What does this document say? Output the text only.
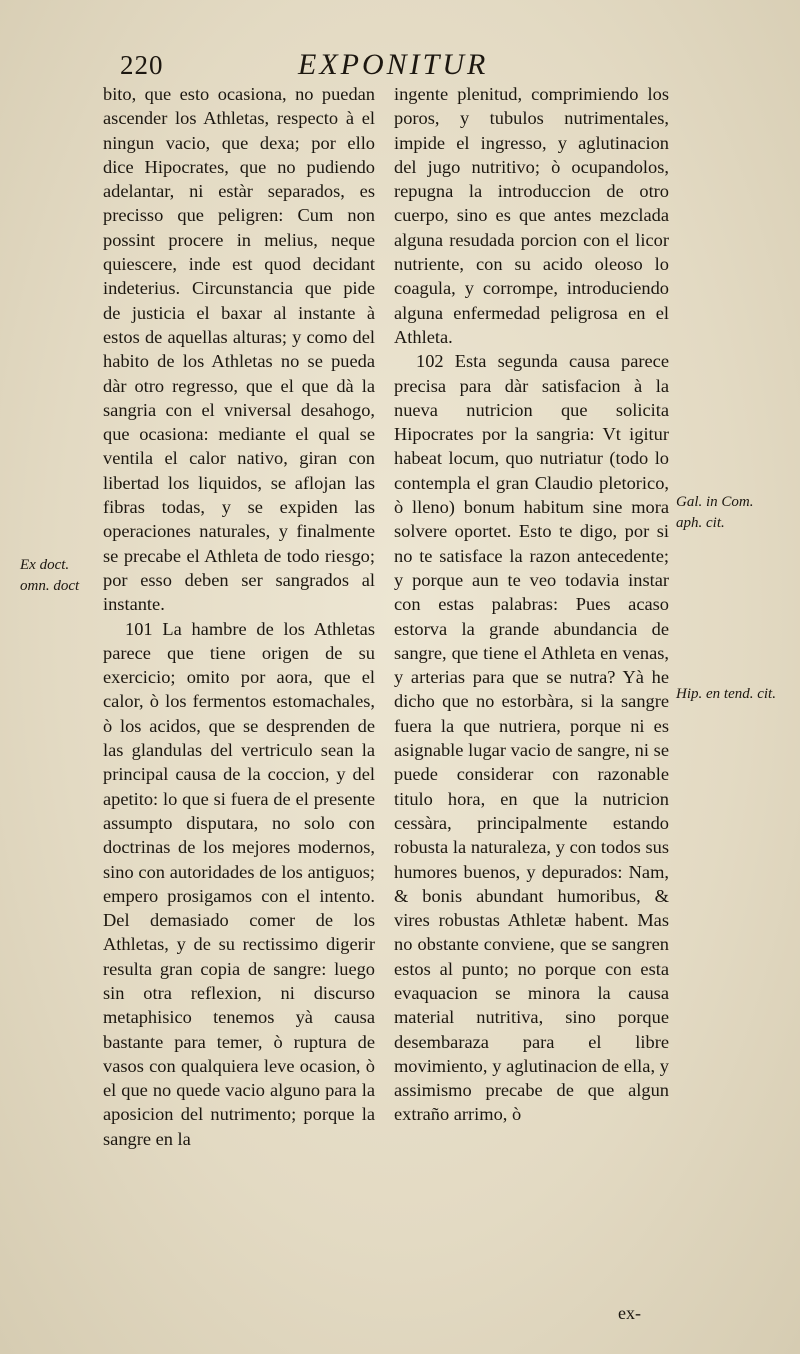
220	EXPONITUR

bito, que esto ocasiona, no puedan ascender los Athletas, respecto à el ningun vacio, que dexa; por ello dice Hipocrates, que no pudiendo adelantar, ni estàr separados, es precisso que peligren: Cum non possint procere in melius, neque quiescere, inde est quod decidant indeterius. Circunstancia que pide de justicia el baxar al instante à estos de aquellas alturas; y como del habito de los Athletas no se pueda dàr otro regresso, que el que dà la sangria con el vniversal desahogo, que ocasiona: mediante el qual se ventila el calor nativo, giran con libertad los liquidos, se aflojan las fibras todas, y se expiden las operaciones naturales, y finalmente se precabe el Athleta de todo riesgo; por esso deben ser sangrados al instante.

101 La hambre de los Athletas parece que tiene origen de su exercicio; omito por aora, que el calor, ò los fermentos estomachales, ò los acidos, que se desprenden de las glandulas del vertriculo sean la principal causa de la coccion, y del apetito: lo que si fuera de el presente assumpto disputara, no solo con doctrinas de los mejores modernos, sino con autoridades de los antiguos; empero prosigamos con el intento. Del demasiado comer de los Athletas, y de su rectissimo digerir resulta gran copia de sangre: luego sin otra reflexion, ni discurso metaphisico tenemos yà causa bastante para temer, ò ruptura de vasos con qualquiera leve ocasion, ò el que no quede vacio alguno para la aposicion del nutrimento; porque la sangre en la

ingente plenitud, comprimiendo los poros, y tubulos nutrimentales, impide el ingresso, y aglutinacion del jugo nutritivo; ò ocupandolos, repugna la introduccion de otro cuerpo, sino es que antes mezclada alguna resudada porcion con el licor nutriente, con su acido oleoso lo coagula, y corrompe, introduciendo alguna enfermedad peligrosa en el Athleta.

102 Esta segunda causa parece precisa para dàr satisfacion à la nueva nutricion que solicita Hipocrates por la sangria: Vt igitur habeat locum, quo nutriatur (todo lo contempla el gran Claudio pletorico, ò lleno) bonum habitum sine mora solvere oportet. Esto te digo, por si no te satisface la razon antecedente; y porque aun te veo todavia instar con estas palabras: Pues acaso estorva la grande abundancia de sangre, que tiene el Athleta en venas, y arterias para que se nutra? Yà he dicho que no estorbàra, si la sangre fuera la que nutriera, porque ni es asignable lugar vacio de sangre, ni se puede considerar con razonable titulo hora, en que la nutricion cessàra, principalmente estando robusta la naturaleza, y con todos sus humores buenos, y depurados: Nam, & bonis abundant humoribus, & vires robustas Athletæ habent. Mas no obstante conviene, que se sangren estos al punto; no porque con esta evaquacion se minora la causa material nutritiva, sino porque desembaraza para el libre movimiento, y aglutinacion de ella, y assimismo precabe de que algun extraño arrimo, ò

Ex doct. omn. doct
Gal. in Com. aph. cit.
Hip. en tend. cit.
ex-
